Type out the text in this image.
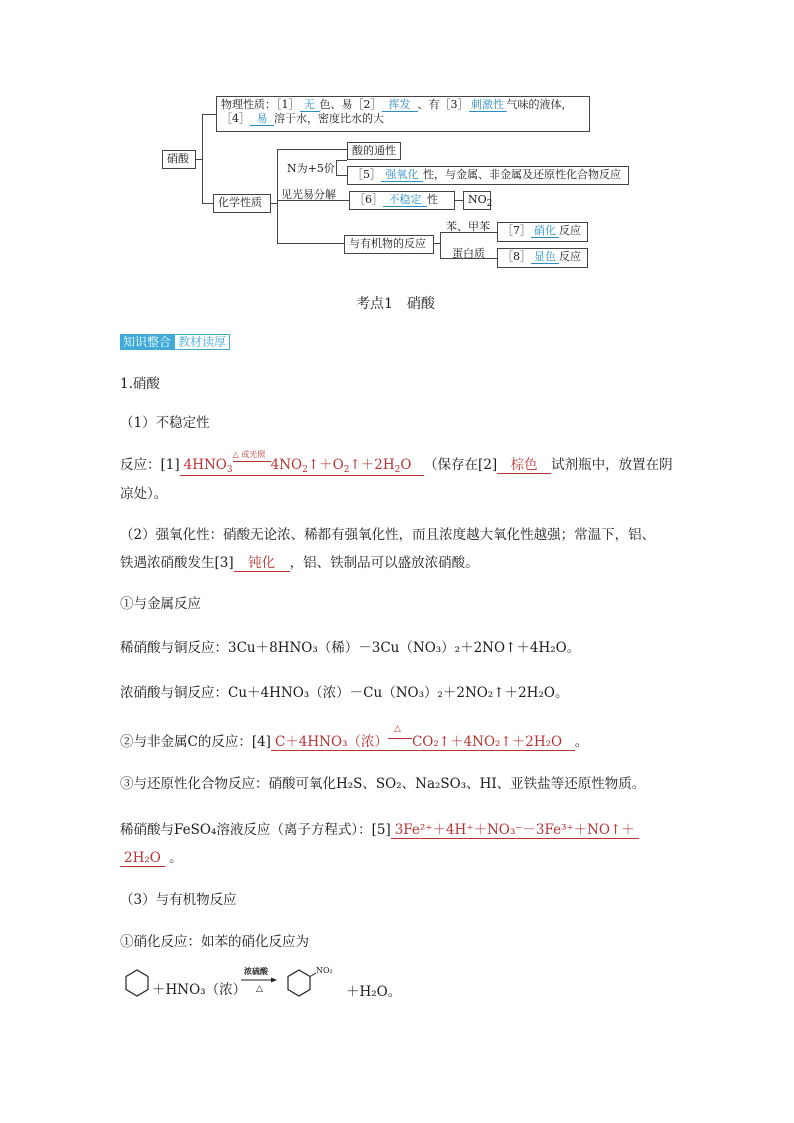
硝酸
物理性质：［1］ 无 色、易［2］ 挥发 、有［3］ 刺激性 气味的液体，
［4］ 易 溶于水，密度比水的大
化学性质
N为+5价
见光易分解
酸的通性
［5］ 强氧化 性，与金属、非金属及还原性化合物反应
［6］ 不稳定 性	$NO_2$
与有机物的反应
苯、甲苯
蛋白质
［7］ 硝化 反应
［8］ 显色 反应
考点1　硝酸
知识整合 教材读厚
1.硝酸
（1）不稳定性
反应：[1] $4HNO_3$
△ 或光照
$4NO_2↑+O_2↑+2H_2O$ （保存在[2] 棕色 试剂瓶中，放置在阴
凉处）。
（2）强氧化性：硝酸无论浓、稀都有强氧化性，而且浓度越大氧化性越强；常温下，铝、
铁遇浓硝酸发生[3] 钝化 ，铝、铁制品可以盛放浓硝酸。
①与金属反应
稀硝酸与铜反应：3Cu＋8HNO₃（稀）－3Cu（NO₃）₂＋2NO↑＋4H₂O。
浓硝酸与铜反应：Cu＋4HNO₃（浓）－Cu（NO₃）₂＋2NO₂↑＋2H₂O。
②与非金属C的反应：[4] C＋4HNO₃（浓）
△
CO₂↑＋4NO₂↑＋2H₂O 。
③与还原性化合物反应：硝酸可氧化H₂S、SO₂、Na₂SO₃、HI、亚铁盐等还原性物质。
稀硝酸与FeSO₄溶液反应（离子方程式）：[5] 3Fe²⁺＋4H⁺＋NO₃⁻－3Fe³⁺＋NO↑＋
2H₂O 。
（3）与有机物反应
①硝化反应：如苯的硝化反应为
＋HNO₃（浓）
浓硫酸
△
NO₂
＋H₂O。
